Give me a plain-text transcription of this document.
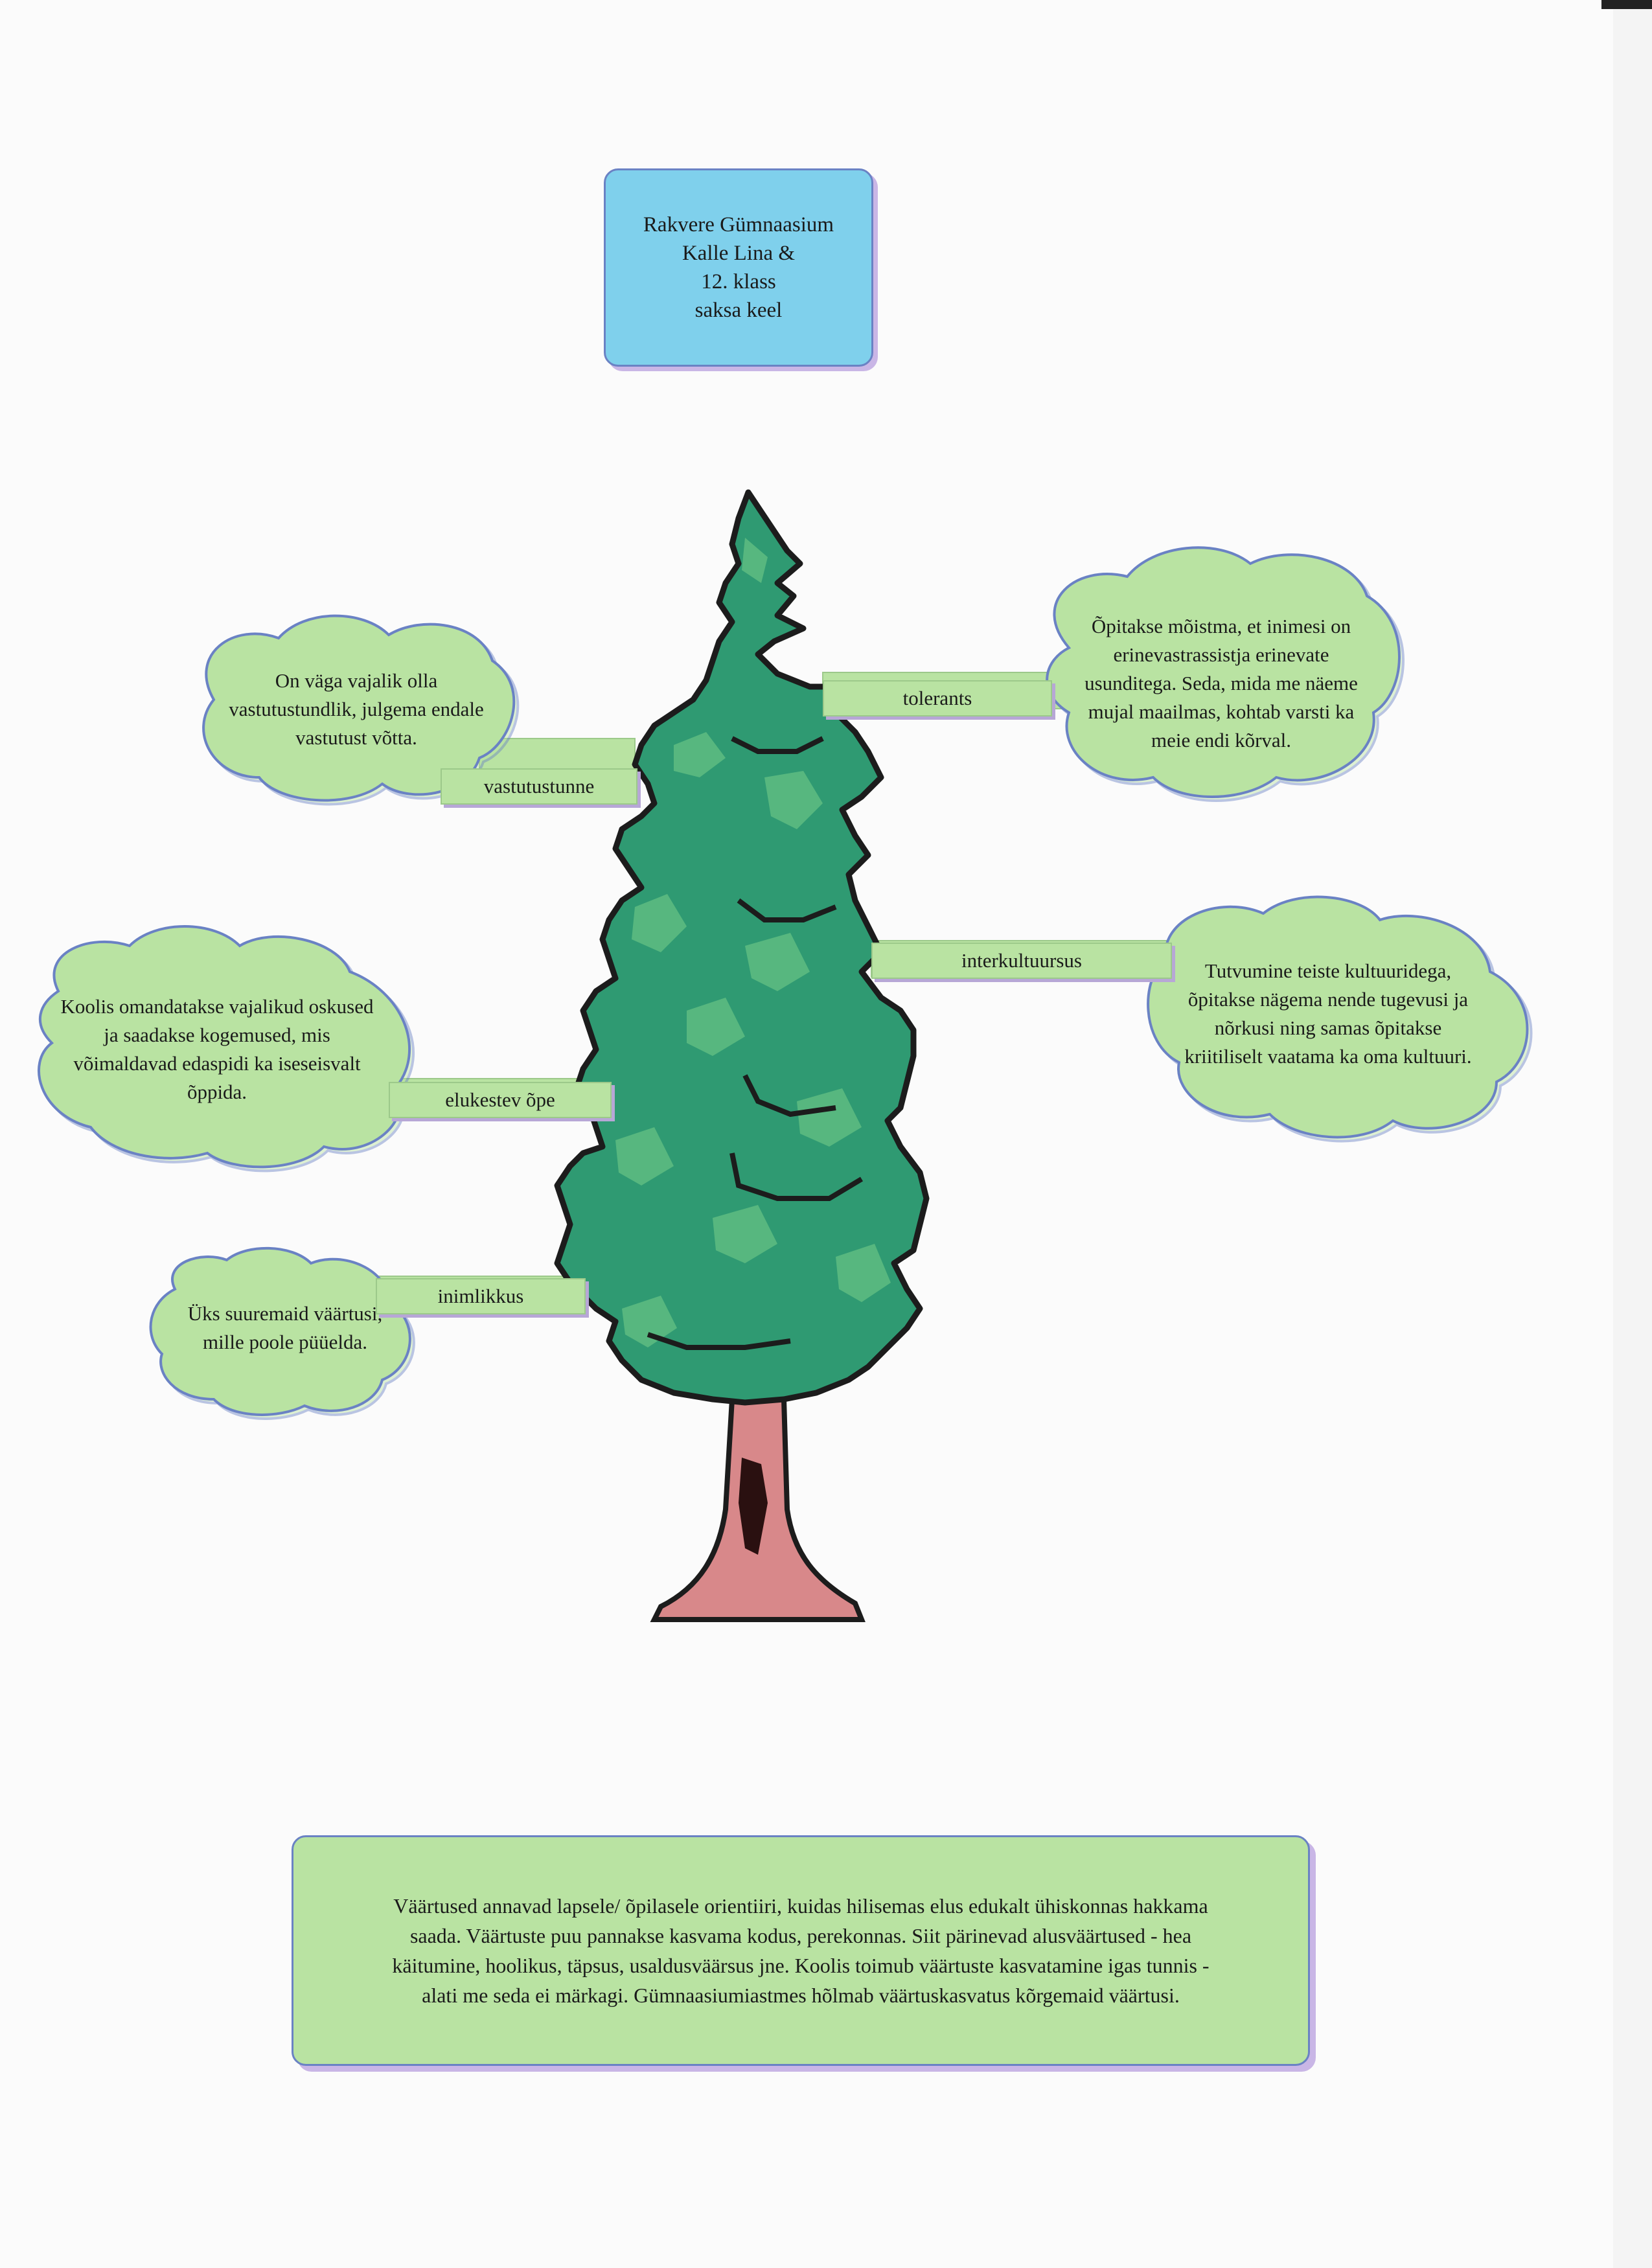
Rakvere Gümnaasium
Kalle Lina &
12. klass
saksa keel
vastutustunne
tolerants
interkultuursus
elukestev õpe
inimlikkus
On väga vajalik olla vastutustundlik, julgema endale vastutust võtta.
Õpitakse mõistma, et inimesi on erinevastrassistja erinevate usunditega. Seda, mida me näeme mujal maailmas, kohtab varsti ka meie endi kõrval.
Tutvumine teiste kultuuridega, õpitakse nägema nende tugevusi ja nõrkusi ning samas õpitakse kriitiliselt vaatama ka oma kultuuri.
Koolis omandatakse vajalikud oskused ja saadakse kogemused, mis võimaldavad edaspidi ka iseseisvalt õppida.
Üks suuremaid väärtusi, mille poole püüelda.
Väärtused annavad lapsele/ õpilasele orientiiri, kuidas hilisemas elus edukalt ühiskonnas hakkama saada. Väärtuste puu pannakse kasvama kodus, perekonnas. Siit pärinevad alusväärtused - hea käitumine, hoolikus, täpsus, usaldusväärsus jne. Koolis toimub väärtuste kasvatamine igas tunnis - alati me seda ei märkagi. Gümnaasiumiastmes hõlmab väärtuskasvatus kõrgemaid väärtusi.
